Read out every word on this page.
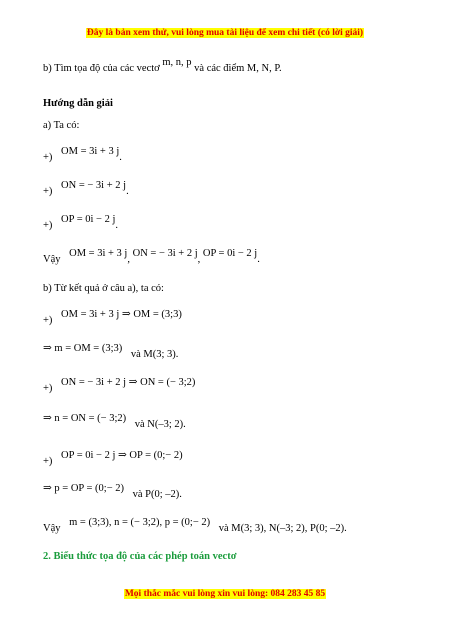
Đây là bản xem thử, vui lòng mua tài liệu để xem chi tiết (có lời giải)
b) Tìm tọa độ của các vectơ m, n, p và các điểm M, N, P.
Hướng dẫn giải
a) Ta có:
+) OM = 3i + 3 j.
+) ON = − 3i + 2 j.
+) OP = 0i − 2 j.
Vậy OM = 3i + 3 j, ON = − 3i + 2 j, OP = 0i − 2 j.
b) Từ kết quả ở câu a), ta có:
+) OM = 3i + 3 j ⇒ OM = (3;3)
⇒ m = OM = (3;3) và M(3; 3).
+) ON = − 3i + 2 j ⇒ ON = (− 3;2)
⇒ n = ON = (− 3;2) và N(–3; 2).
+) OP = 0i − 2 j ⇒ OP = (0;− 2)
⇒ p = OP = (0;− 2) và P(0; –2).
Vậy m = (3;3), n = (− 3;2), p = (0;− 2) và M(3; 3), N(–3; 2), P(0; –2).
2. Biểu thức tọa độ của các phép toán vectơ
Mọi thắc mắc vui lòng xin vui lòng: 084 283 45 85
